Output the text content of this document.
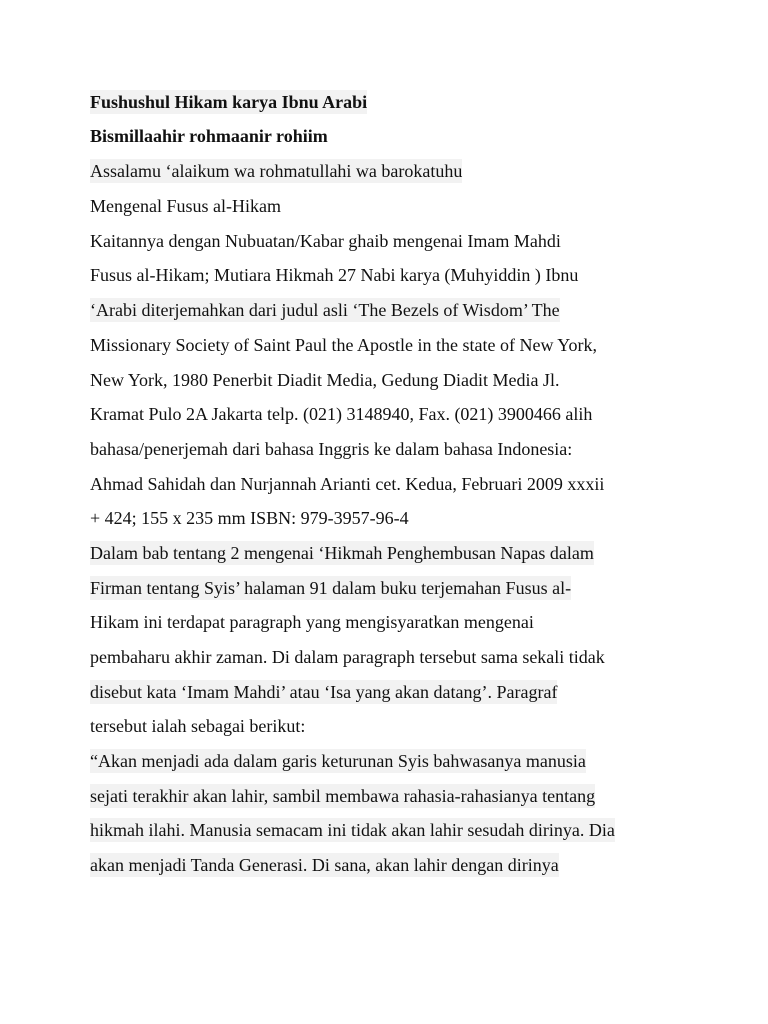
Fushushul Hikam karya Ibnu Arabi
Bismillaahir rohmaanir rohiim
Assalamu ‘alaikum wa rohmatullahi wa barokatuhu
Mengenal Fusus al-Hikam
Kaitannya dengan Nubuatan/Kabar ghaib mengenai Imam Mahdi
Fusus al-Hikam; Mutiara Hikmah 27 Nabi karya (Muhyiddin ) Ibnu
‘Arabi diterjemahkan dari judul asli ‘The Bezels of Wisdom’ The
Missionary Society of Saint Paul the Apostle in the state of New York,
New York, 1980 Penerbit Diadit Media, Gedung Diadit Media Jl.
Kramat Pulo 2A Jakarta telp. (021) 3148940, Fax. (021) 3900466 alih
bahasa/penerjemah dari bahasa Inggris ke dalam bahasa Indonesia:
Ahmad Sahidah dan Nurjannah Arianti cet. Kedua, Februari 2009 xxxii
+ 424; 155 x 235 mm ISBN: 979-3957-96-4
Dalam bab tentang 2 mengenai ‘Hikmah Penghembusan Napas dalam
Firman tentang Syis’ halaman 91 dalam buku terjemahan Fusus al-
Hikam ini terdapat paragraph yang mengisyaratkan mengenai
pembaharu akhir zaman. Di dalam paragraph tersebut sama sekali tidak
disebut kata ‘Imam Mahdi’ atau ‘Isa yang akan datang’. Paragraf
tersebut ialah sebagai berikut:
“Akan menjadi ada dalam garis keturunan Syis bahwasanya manusia
sejati terakhir akan lahir, sambil membawa rahasia-rahasianya tentang
hikmah ilahi. Manusia semacam ini tidak akan lahir sesudah dirinya. Dia
akan menjadi Tanda Generasi. Di sana, akan lahir dengan dirinya
